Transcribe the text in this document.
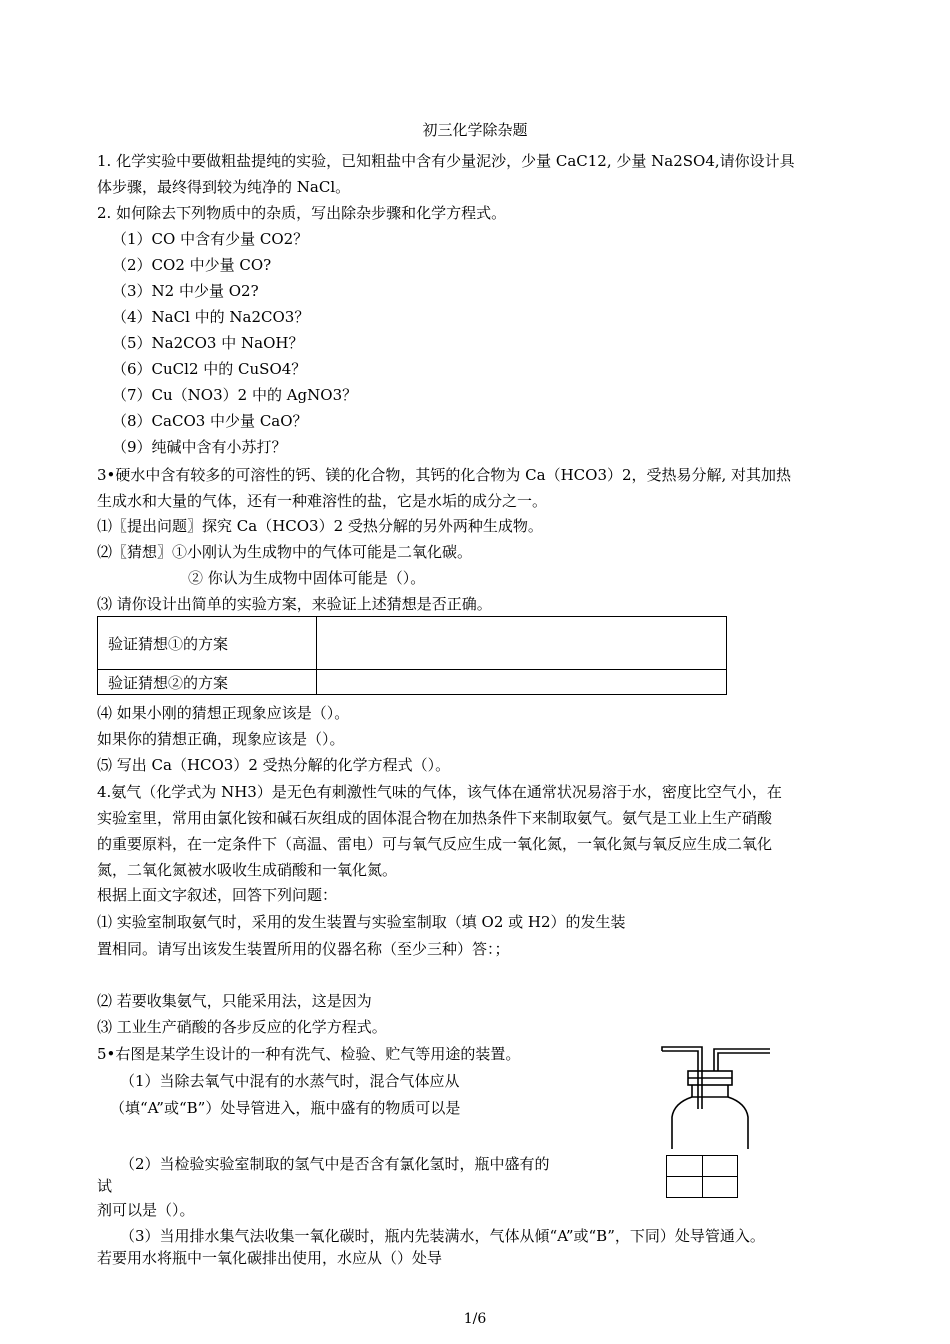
初三化学除杂题
1. 化学实验中要做粗盐提纯的实验，已知粗盐中含有少量泥沙，少量 CaC12, 少量 Na2SO4,请你设计具
体步骤，最终得到较为纯净的 NaCl。
2. 如何除去下列物质中的杂质，写出除杂步骤和化学方程式。
（1）CO 中含有少量 CO2？
（2）CO2 中少量 CO?
（3）N2 中少量 O2?
（4）NaCl 中的 Na2CO3？
（5）Na2CO3 中 NaOH？
（6）CuCl2 中的 CuSO4？
（7）Cu（NO3）2 中的 AgNO3？
（8）CaCO3 中少量 CaO？
（9）纯碱中含有小苏打？
3•硬水中含有较多的可溶性的钙、镁的化合物，其钙的化合物为 Ca（HCO3）2，受热易分解, 对其加热
生成水和大量的气体，还有一种难溶性的盐，它是水垢的成分之一。
⑴〖提出问题〗探究 Ca（HCO3）2 受热分解的另外两种生成物。
⑵〖猜想〗①小刚认为生成物中的气体可能是二氧化碳。
② 你认为生成物中固体可能是（）。
⑶ 请你设计出简单的实验方案，来验证上述猜想是否正确。
验证猜想①的方案	
验证猜想②的方案	
⑷ 如果小刚的猜想正现象应该是（）。
如果你的猜想正确，现象应该是（）。
⑸ 写出 Ca（HCO3）2 受热分解的化学方程式（）。
4.氨气（化学式为 NH3）是无色有刺激性气味的气体，该气体在通常状况易溶于水，密度比空气小，在
实验室里，常用由氯化铵和碱石灰组成的固体混合物在加热条件下来制取氨气。氨气是工业上生产硝酸
的重要原料，在一定条件下（高温、雷电）可与氧气反应生成一氧化氮，一氧化氮与氧反应生成二氧化
氮，二氧化氮被水吸收生成硝酸和一氧化氮。
根据上面文字叙述，回答下列问题：
⑴ 实验室制取氨气时，采用的发生装置与实验室制取（填 O2 或 H2）的发生装
置相同。请写出该发生装置所用的仪器名称（至少三种）答：；
⑵ 若要收集氨气，只能采用法，这是因为
⑶ 工业生产硝酸的各步反应的化学方程式。
5•右图是某学生设计的一种有洗气、检验、贮气等用途的装置。
（1）当除去氧气中混有的水蒸气时，混合气体应从
（填“A”或“B”）处导管进入，瓶中盛有的物质可以是
（2）当检验实验室制取的氢气中是否含有氯化氢时，瓶中盛有的
试
剂可以是（）。
（3）当用排水集气法收集一氧化碳时，瓶内先装满水，气体从傾“A”或“B”，下同）处导管通入。
若要用水将瓶中一氧化碳排出使用，水应从（）处导

1/6
